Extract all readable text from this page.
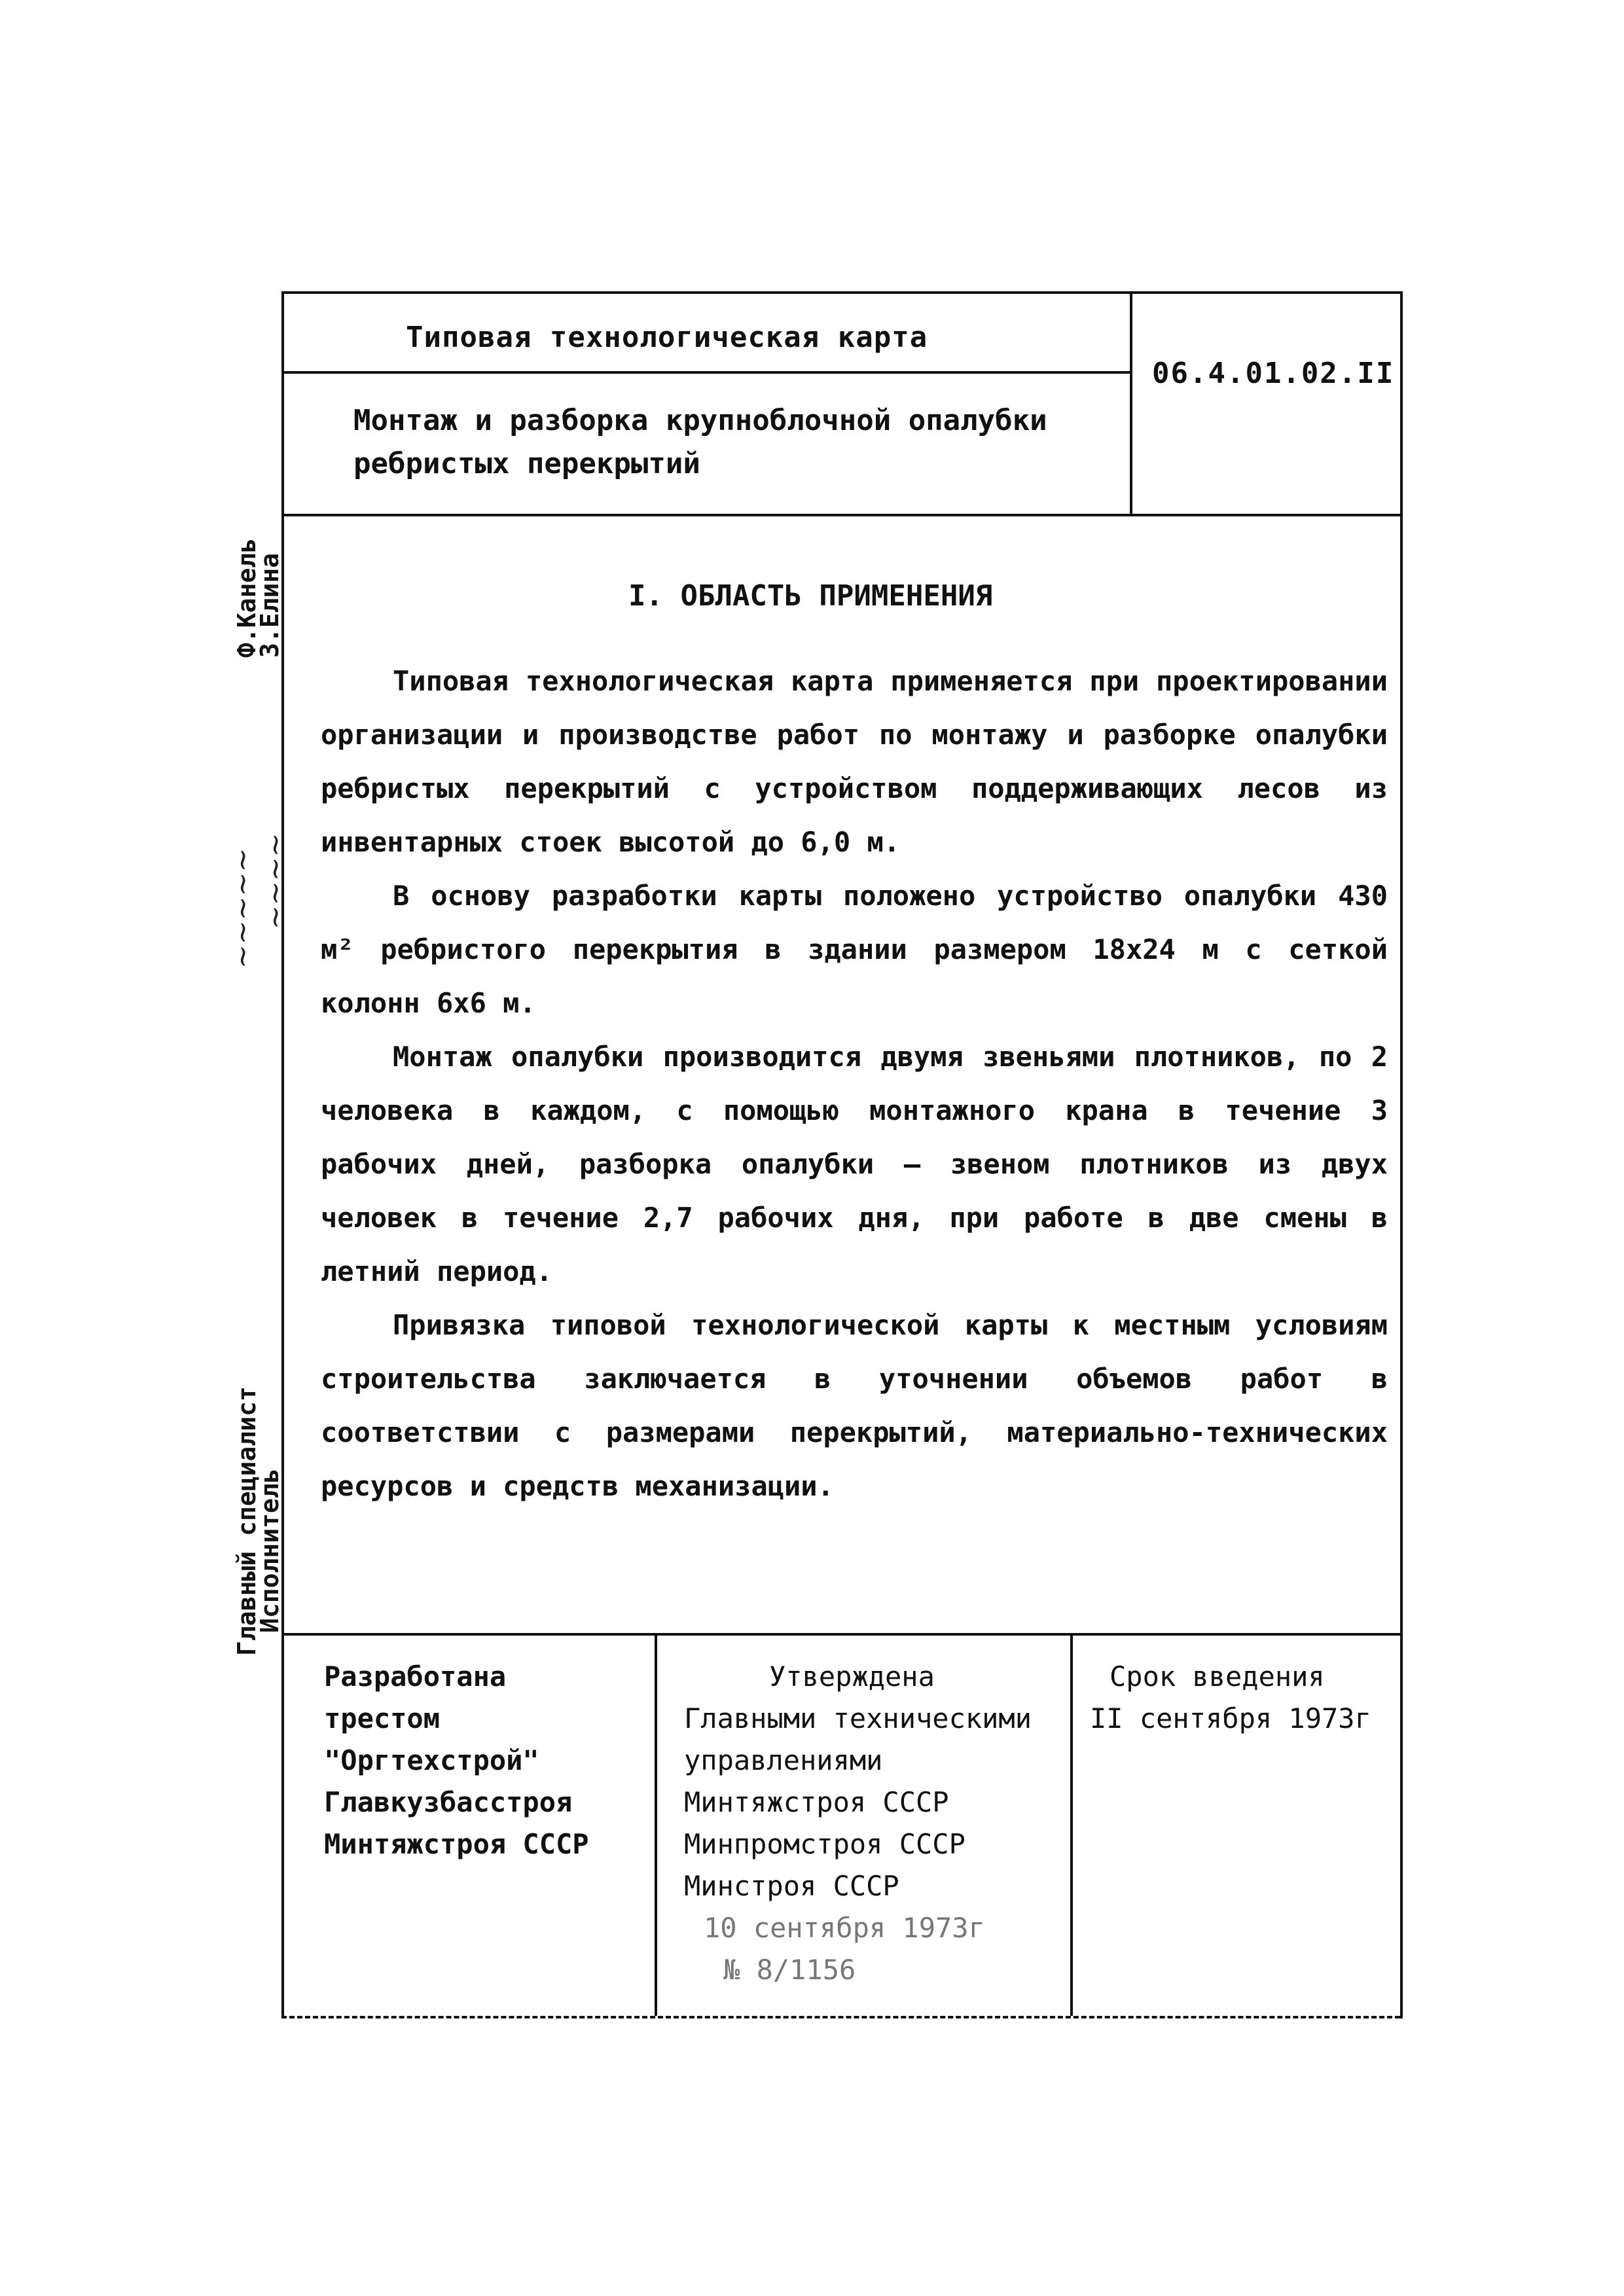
Типовая технологическая карта
Монтаж и разборка крупноблочной опалубки
ребристых перекрытий
06.4.01.02.II
I. ОБЛАСТЬ ПРИМЕНЕНИЯ

Типовая технологическая карта применяется при проектировании организации и производстве работ по монтажу и разборке опалубки ребристых перекрытий с устройством поддерживающих лесов из инвентарных стоек высотой до 6,0 м.

В основу разработки карты положено устройство опалубки 430 м² ребристого перекрытия в здании размером 18х24 м с сеткой колонн 6х6 м.

Монтаж опалубки производится двумя звеньями плотников, по 2 человека в каждом, с помощью монтажного крана в течение 3 рабочих дней, разборка опалубки – звеном плотников из двух человек в течение 2,7 рабочих дня, при работе в две смены в летний период.

Привязка типовой технологической карты к местным условиям строительства заключается в уточнении объемов работ в соответствии с размерами перекрытий, материально-технических ресурсов и средств механизации.

Главный специалист
Исполнитель
Ф.Канель
З.Елина
~~~~~ ~~~~
Разработана
трестом
"Оргтехстрой"
Главкузбасстроя
Минтяжстроя СССР
Утверждена
Главными техническими
управлениями
Минтяжстроя СССР
Минпромстроя СССР
Минстроя СССР
10 сентября 1973г
№ 8/1156
Срок введения
II сентября 1973г
